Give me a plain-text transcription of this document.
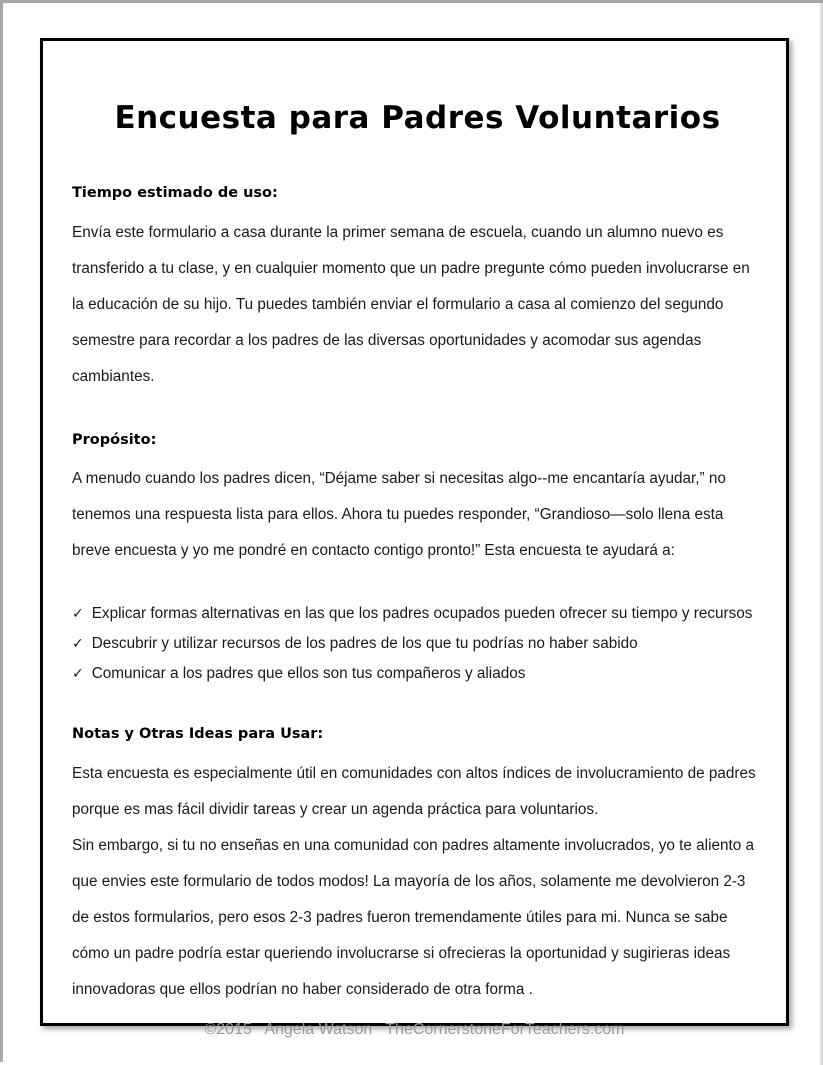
Encuesta para Padres Voluntarios
Tiempo estimado de uso:

Envía este formulario a casa durante la primer semana de escuela, cuando un alumno nuevo es transferido a tu clase, y en cualquier momento que un padre pregunte cómo pueden involucrarse en la educación de su hijo. Tu puedes también enviar el formulario a casa al comienzo del segundo semestre para recordar a los padres de las diversas oportunidades y acomodar sus agendas cambiantes.

Propósito:

A menudo cuando los padres dicen, “Déjame saber si necesitas algo--me encantaría ayudar,” no tenemos una respuesta lista para ellos. Ahora tu puedes responder, “Grandioso—solo llena esta breve encuesta y yo me pondré en contacto contigo pronto!” Esta encuesta te ayudará a:

✓ Explicar formas alternativas en las que los padres ocupados pueden ofrecer su tiempo y recursos
✓ Descubrir y utilizar recursos de los padres de los que tu podrías no haber sabido
✓ Comunicar a los padres que ellos son tus compañeros y aliados
Notas y Otras Ideas para Usar:

Esta encuesta es especialmente útil en comunidades con altos índices de involucramiento de padres porque es mas fácil dividir tareas y crear un agenda práctica para voluntarios.

Sin embargo, si tu no enseñas en una comunidad con padres altamente involucrados, yo te aliento a que envies este formulario de todos modos! La mayoría de los años, solamente me devolvieron 2-3 de estos formularios, pero esos 2-3 padres fueron tremendamente útiles para mi. Nunca se sabe cómo un padre podría estar queriendo involucrarse si ofrecieras la oportunidad y sugirieras ideas innovadoras que ellos podrían no haber considerado de otra forma .

©2015   Angela Watson   TheCornerstoneForTeachers.com
